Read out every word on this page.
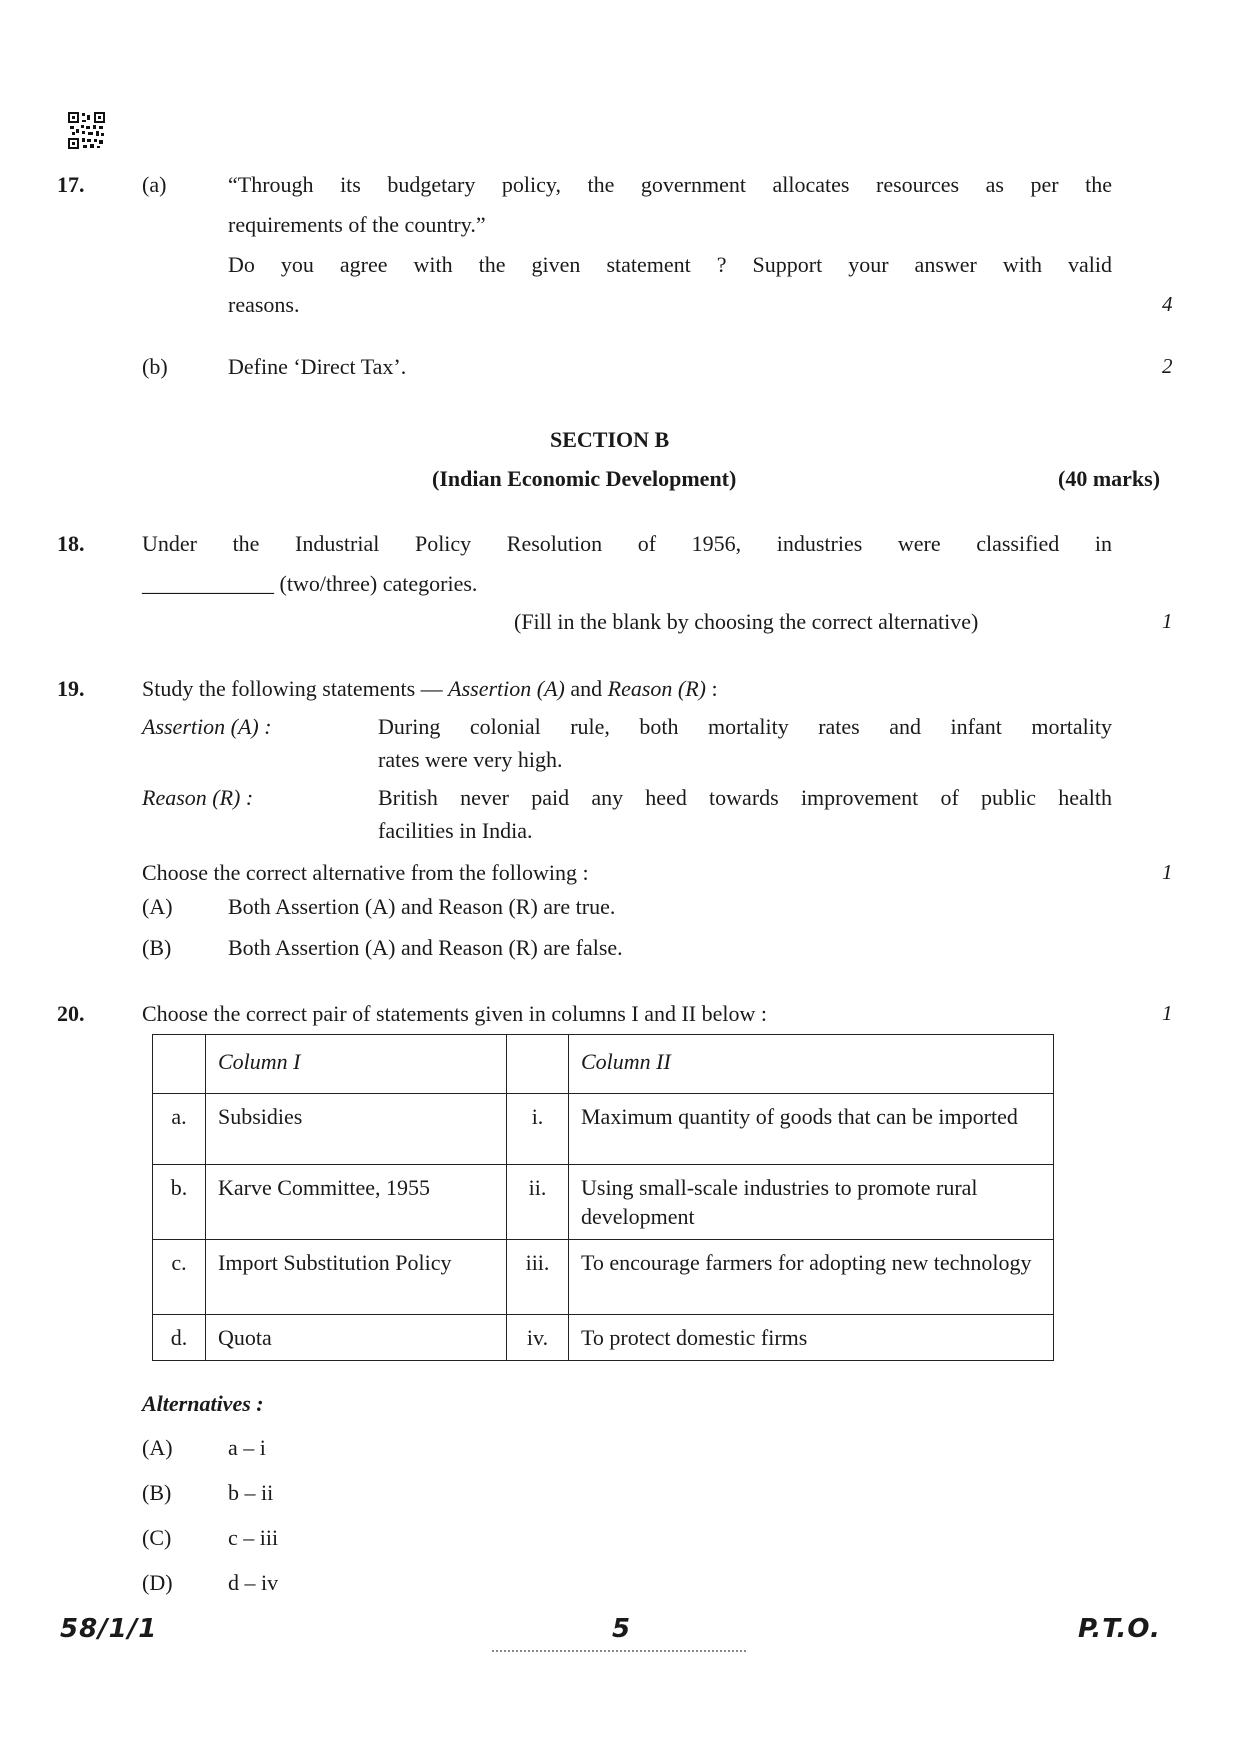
17.	(a)	“Through its budgetary policy, the government allocates resources as per the
requirements of the country.”
Do you agree with the given statement ? Support your answer with valid
reasons.	4
(b)	Define ‘Direct Tax’.	2
SECTION B
(Indian Economic Development)	(40 marks)
18.	Under the Industrial Policy Resolution of 1956, industries were classified in
____________ (two/three) categories.
(Fill in the blank by choosing the correct alternative)	1
19.	Study the following statements — Assertion (A) and Reason (R) :
Assertion (A) :	During colonial rule, both mortality rates and infant mortality
rates were very high.
Reason (R) :	British never paid any heed towards improvement of public health
facilities in India.
Choose the correct alternative from the following :	1
(A)	Both Assertion (A) and Reason (R) are true.
(B)	Both Assertion (A) and Reason (R) are false.
20.	Choose the correct pair of statements given in columns I and II below :	1
	Column I		Column II
a.	Subsidies	i.	Maximum quantity of goods that can be imported
b.	Karve Committee, 1955	ii.	Using small-scale industries to promote rural development
c.	Import Substitution Policy	iii.	To encourage farmers for adopting new technology
d.	Quota	iv.	To protect domestic firms
Alternatives :
(A)	a – i
(B)	b – ii
(C)	c – iii
(D)	d – iv
58/1/1	5	P.T.O.
